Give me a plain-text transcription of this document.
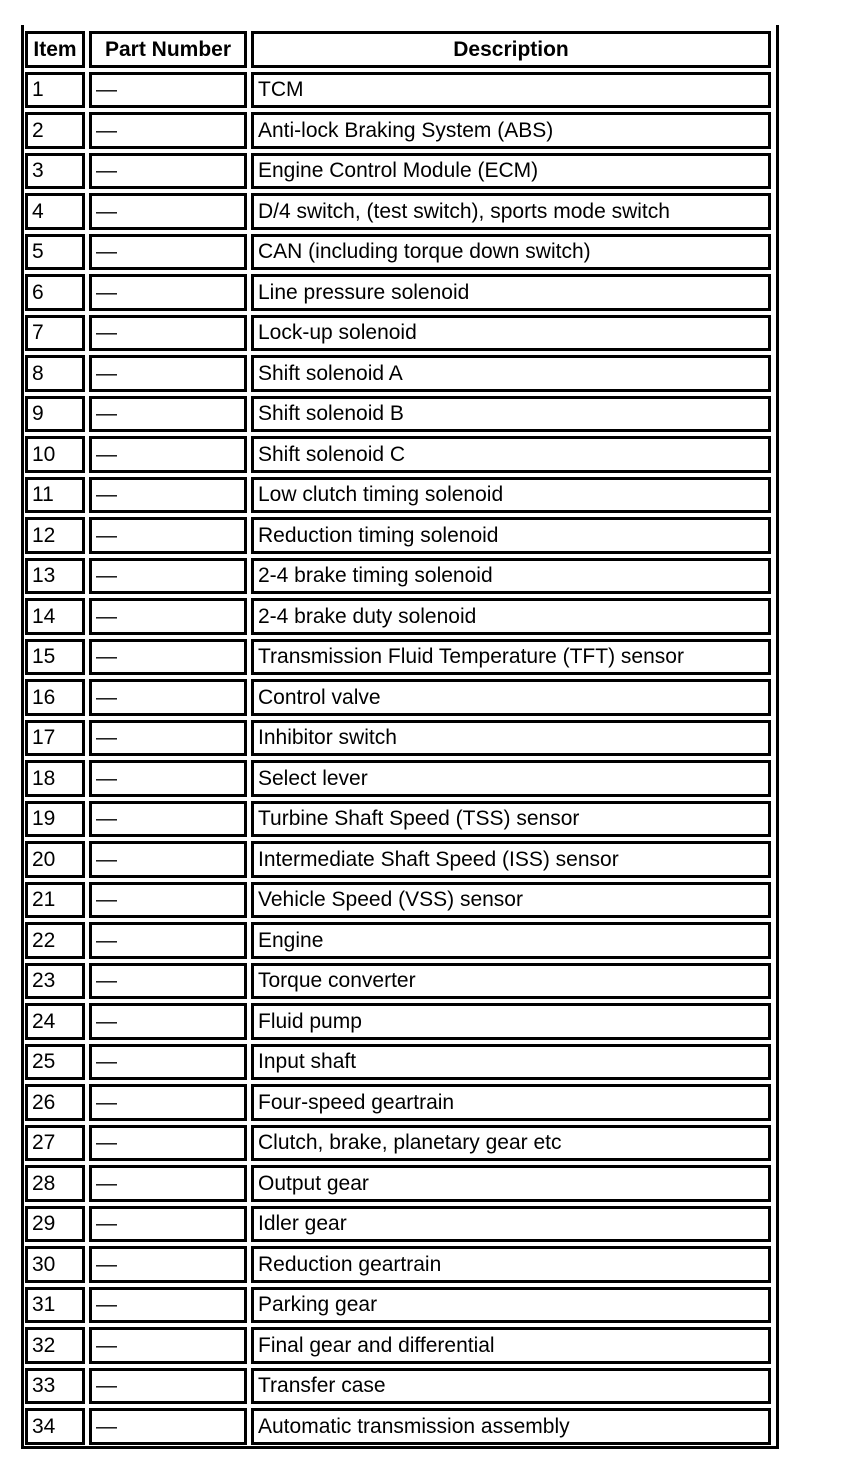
Item	Part Number	Description
1	—	TCM
2	—	Anti-lock Braking System (ABS)
3	—	Engine Control Module (ECM)
4	—	D/4 switch, (test switch), sports mode switch
5	—	CAN (including torque down switch)
6	—	Line pressure solenoid
7	—	Lock-up solenoid
8	—	Shift solenoid A
9	—	Shift solenoid B
10	—	Shift solenoid C
11	—	Low clutch timing solenoid
12	—	Reduction timing solenoid
13	—	2-4 brake timing solenoid
14	—	2-4 brake duty solenoid
15	—	Transmission Fluid Temperature (TFT) sensor
16	—	Control valve
17	—	Inhibitor switch
18	—	Select lever
19	—	Turbine Shaft Speed (TSS) sensor
20	—	Intermediate Shaft Speed (ISS) sensor
21	—	Vehicle Speed (VSS) sensor
22	—	Engine
23	—	Torque converter
24	—	Fluid pump
25	—	Input shaft
26	—	Four-speed geartrain
27	—	Clutch, brake, planetary gear etc
28	—	Output gear
29	—	Idler gear
30	—	Reduction geartrain
31	—	Parking gear
32	—	Final gear and differential
33	—	Transfer case
34	—	Automatic transmission assembly
